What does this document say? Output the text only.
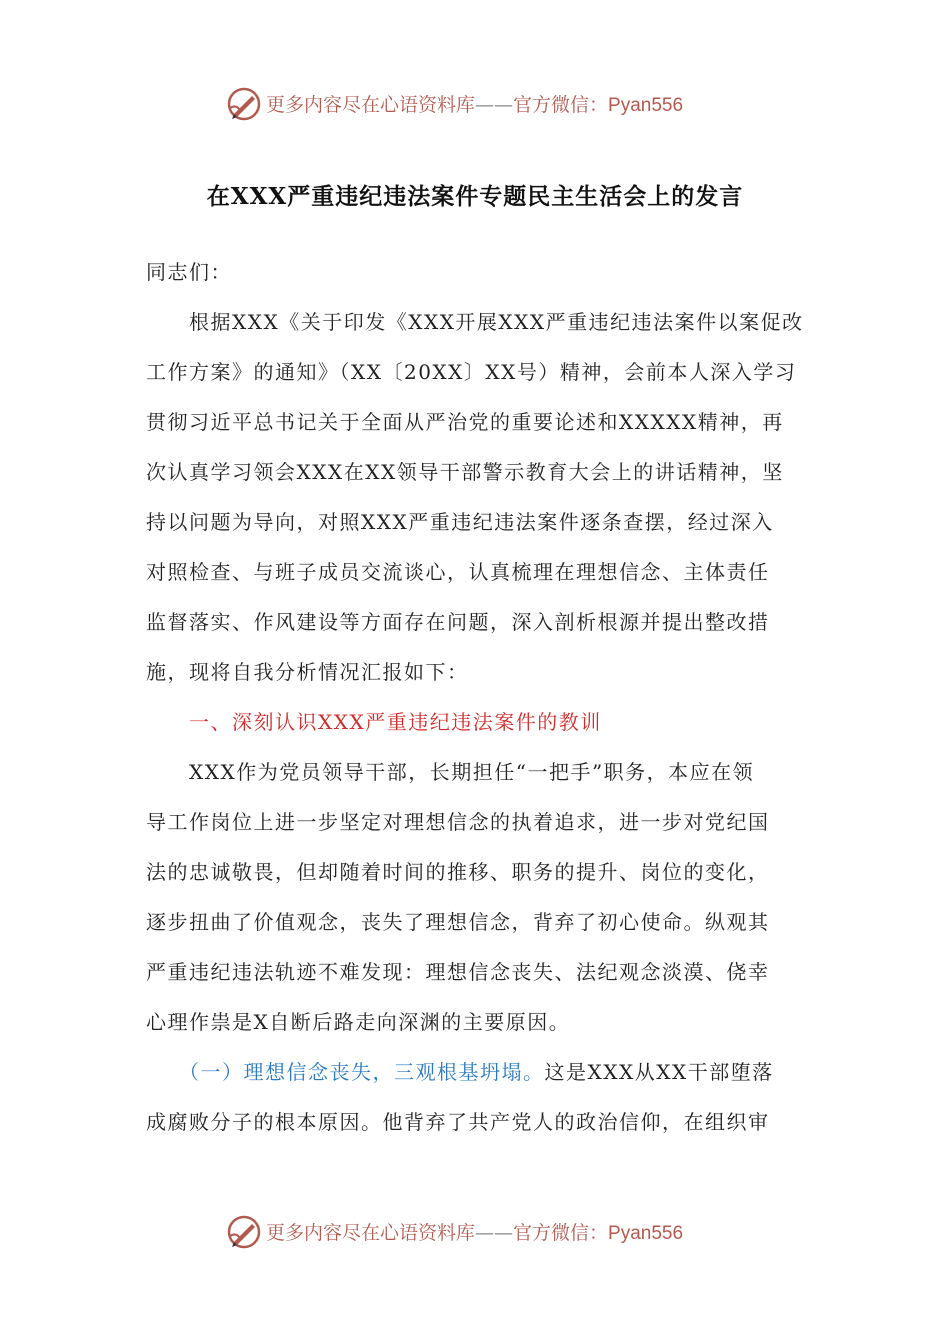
更多内容尽在心语资料库——官方微信：Pyan556
在XXX严重违纪违法案件专题民主生活会上的发言
同志们：
　　根据XXX《关于印发《XXX开展XXX严重违纪违法案件以案促改
工作方案》的通知》（XX〔20XX〕XX号）精神，会前本人深入学习
贯彻习近平总书记关于全面从严治党的重要论述和XXXXX精神，再
次认真学习领会XXX在XX领导干部警示教育大会上的讲话精神，坚
持以问题为导向，对照XXX严重违纪违法案件逐条查摆，经过深入
对照检查、与班子成员交流谈心，认真梳理在理想信念、主体责任
监督落实、作风建设等方面存在问题，深入剖析根源并提出整改措
施，现将自我分析情况汇报如下：
　　一、深刻认识XXX严重违纪违法案件的教训
　　XXX作为党员领导干部，长期担任“一把手”职务，本应在领
导工作岗位上进一步坚定对理想信念的执着追求，进一步对党纪国
法的忠诚敬畏，但却随着时间的推移、职务的提升、岗位的变化，
逐步扭曲了价值观念，丧失了理想信念，背弃了初心使命。纵观其
严重违纪违法轨迹不难发现：理想信念丧失、法纪观念淡漠、侥幸
心理作祟是X自断后路走向深渊的主要原因。
　　（一）理想信念丧失，三观根基坍塌。这是XXX从XX干部堕落
成腐败分子的根本原因。他背弃了共产党人的政治信仰，在组织审
更多内容尽在心语资料库——官方微信：Pyan556
